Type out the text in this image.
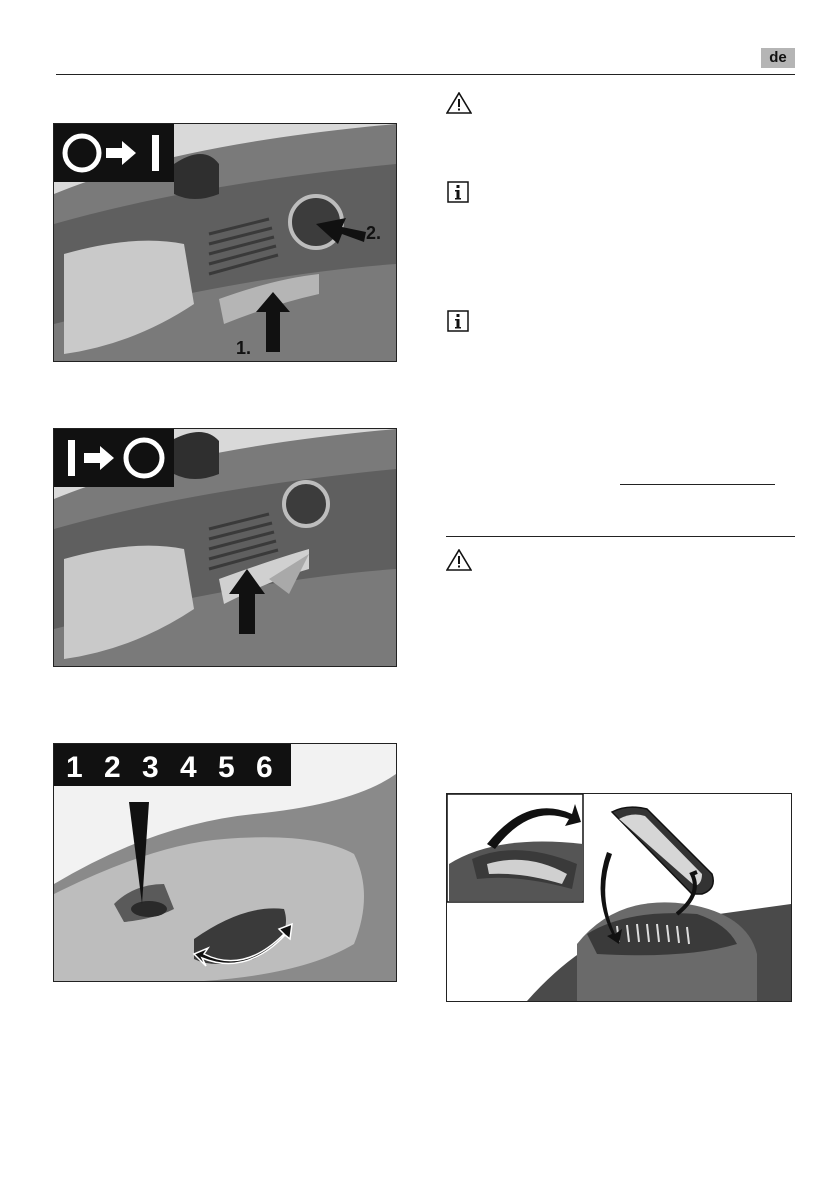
de
2.
1.
1 2 3 4 5 6
